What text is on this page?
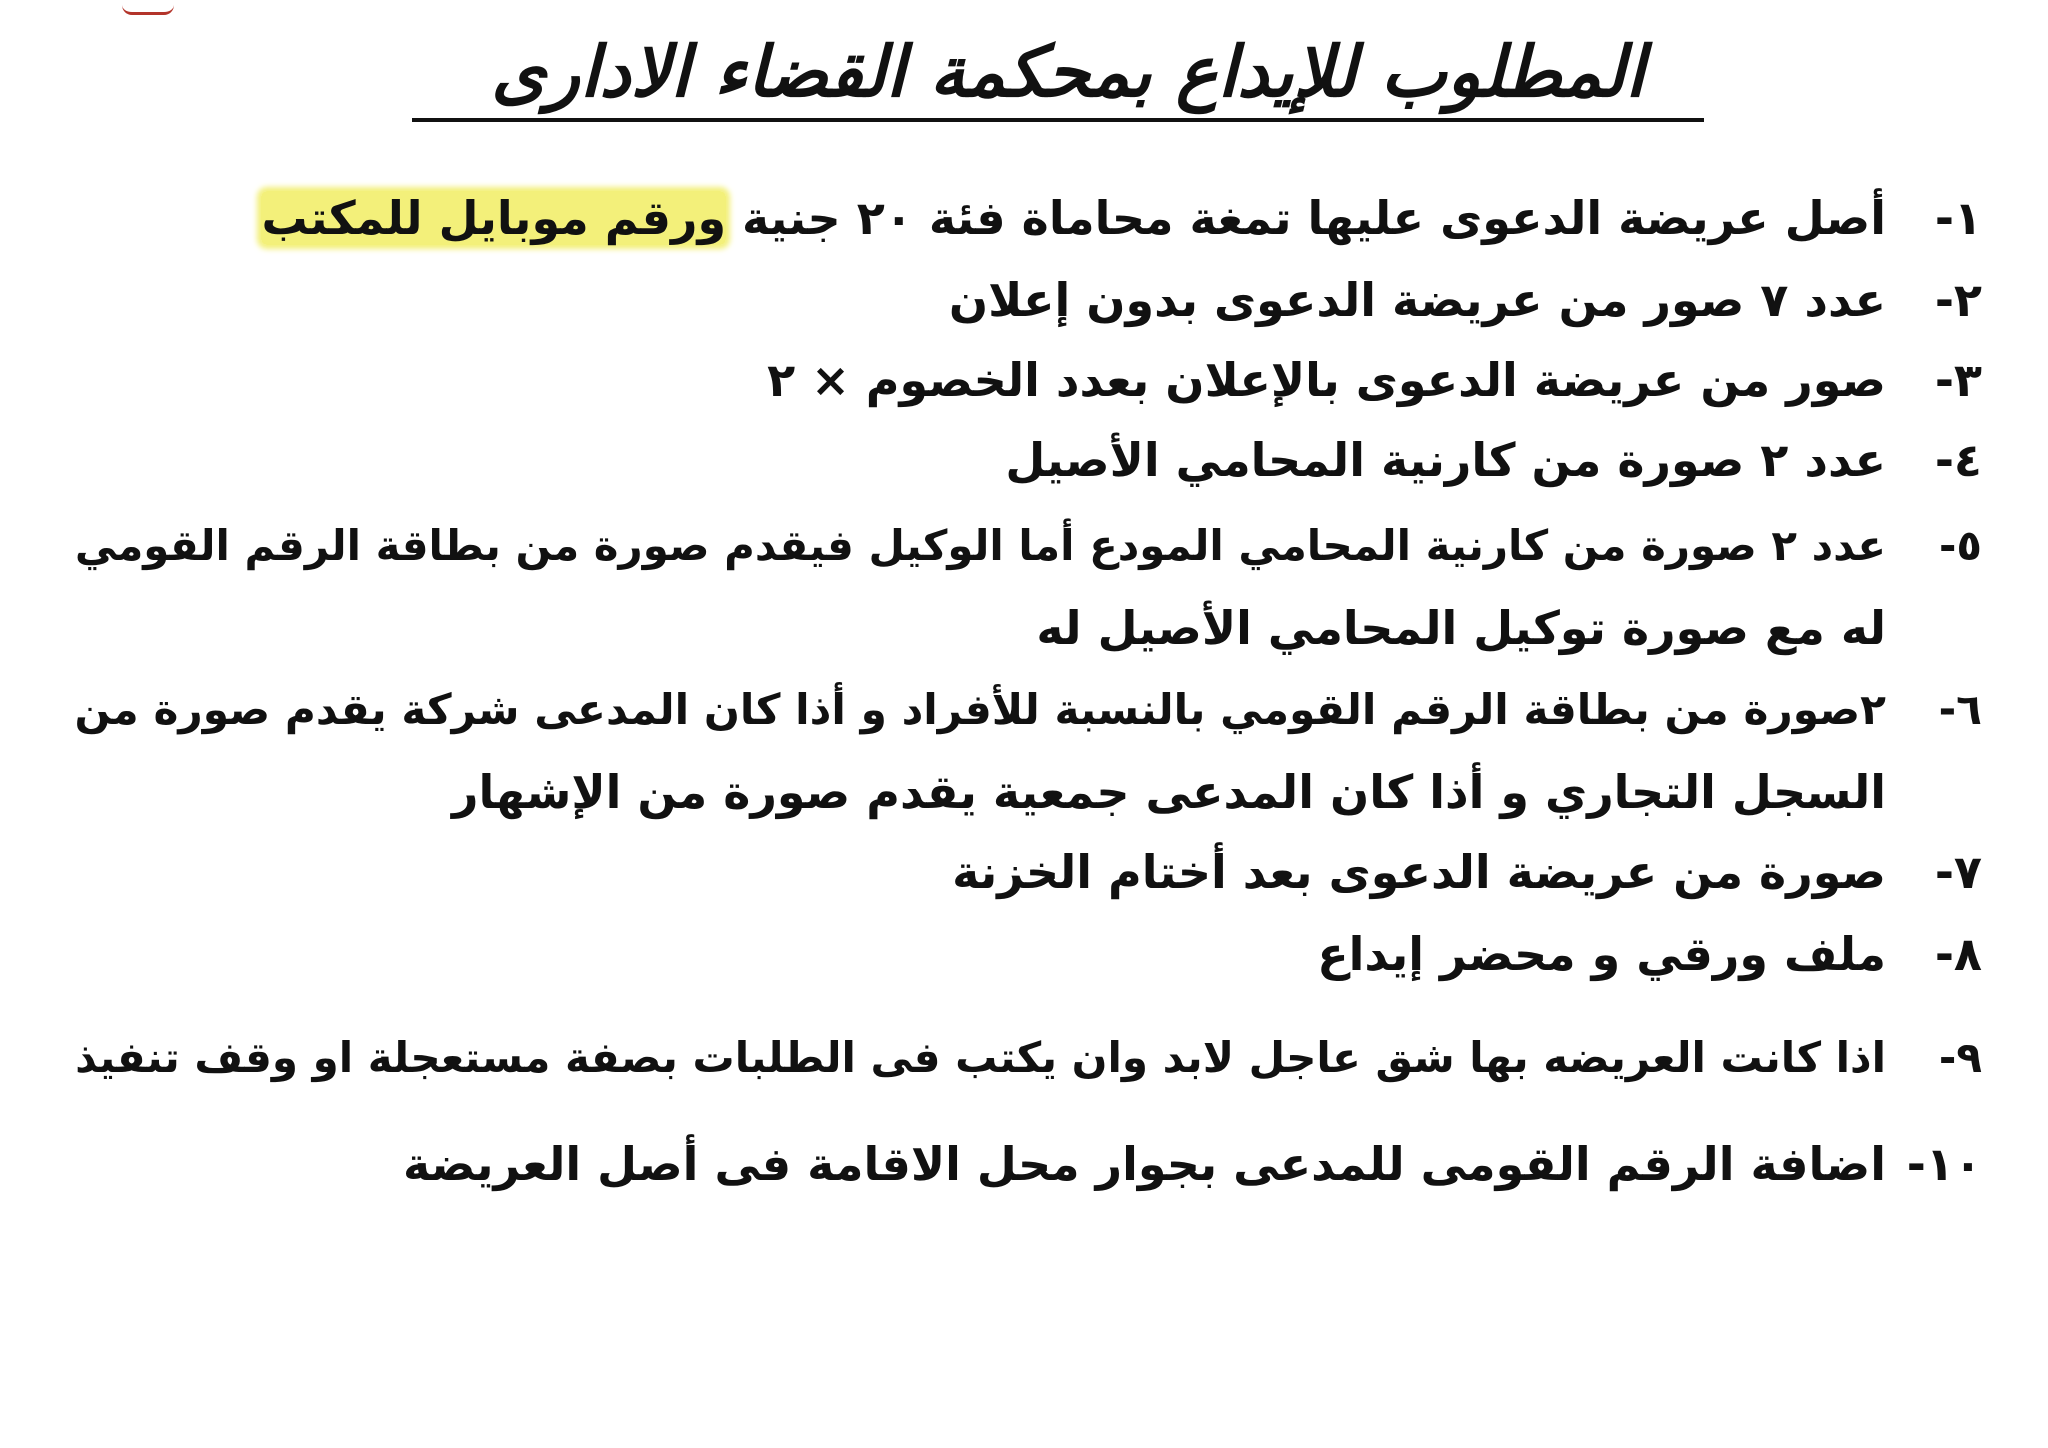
المطلوب للإيداع بمحكمة القضاء الادارى
١-أصل عريضة الدعوى عليها تمغة محاماة فئة ٢٠ جنية ورقم موبايل للمكتب
٢-عدد ٧ صور من عريضة الدعوى بدون إعلان
٣-صور من عريضة الدعوى بالإعلان بعدد الخصوم × ٢
٤-عدد ٢ صورة من كارنية المحامي الأصيل
٥-عدد ٢ صورة من كارنية المحامي المودع أما الوكيل فيقدم صورة من بطاقة الرقم القومي
له مع صورة توكيل المحامي الأصيل له
٦-٢صورة من بطاقة الرقم القومي بالنسبة للأفراد و أذا كان المدعى شركة يقدم صورة من
السجل التجاري و أذا كان المدعى جمعية يقدم صورة من الإشهار
٧-صورة من عريضة الدعوى بعد أختام الخزنة
٨-ملف ورقي و محضر إيداع
٩-اذا كانت العريضه بها شق عاجل لابد وان يكتب فى الطلبات بصفة مستعجلة او وقف تنفيذ
١٠-اضافة الرقم القومى للمدعى بجوار محل الاقامة فى أصل العريضة
